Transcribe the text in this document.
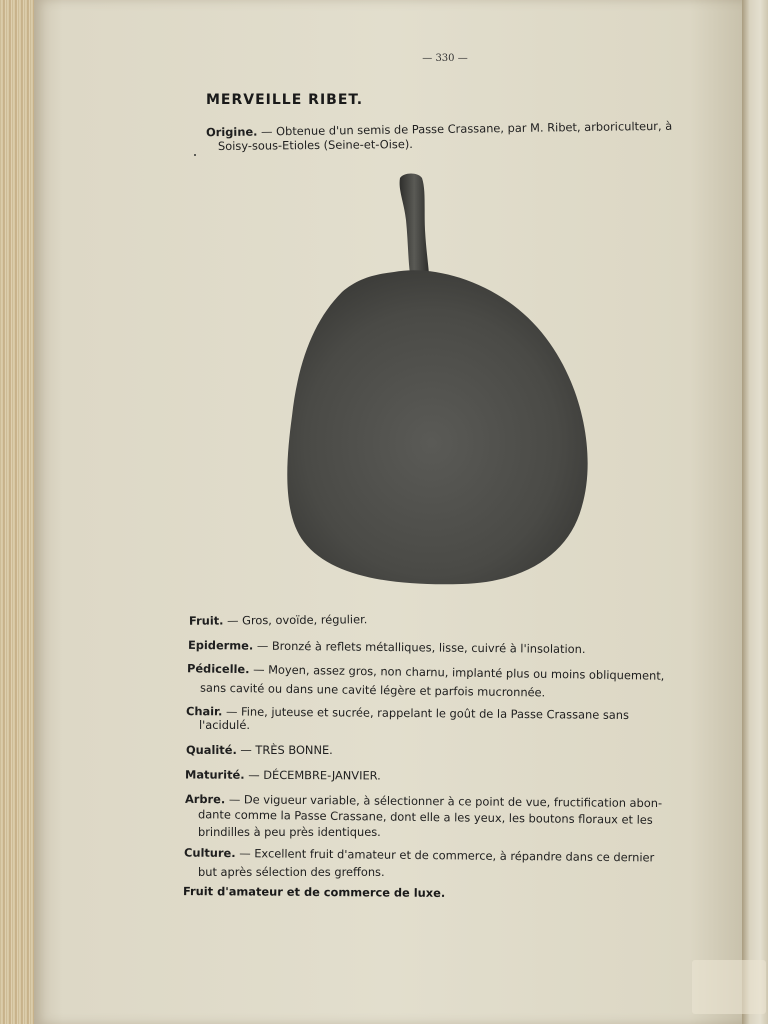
— 330 —
MERVEILLE RIBET.
Origine. — Obtenue d'un semis de Passe Crassane, par M. Ribet, arboriculteur, à
Soisy-sous-Etioles (Seine-et-Oise).
Fruit. — Gros, ovoïde, régulier.
Epiderme. — Bronzé à reflets métalliques, lisse, cuivré à l'insolation.
Pédicelle. — Moyen, assez gros, non charnu, implanté plus ou moins obliquement,
sans cavité ou dans une cavité légère et parfois mucronnée.
Chair. — Fine, juteuse et sucrée, rappelant le goût de la Passe Crassane sans
l'acidulé.
Qualité. — TRÈS BONNE.
Maturité. — DÉCEMBRE-JANVIER.
Arbre. — De vigueur variable, à sélectionner à ce point de vue, fructification abon-
dante comme la Passe Crassane, dont elle a les yeux, les boutons floraux et les
brindilles à peu près identiques.
Culture. — Excellent fruit d'amateur et de commerce, à répandre dans ce dernier
but après sélection des greffons.
Fruit d'amateur et de commerce de luxe.
